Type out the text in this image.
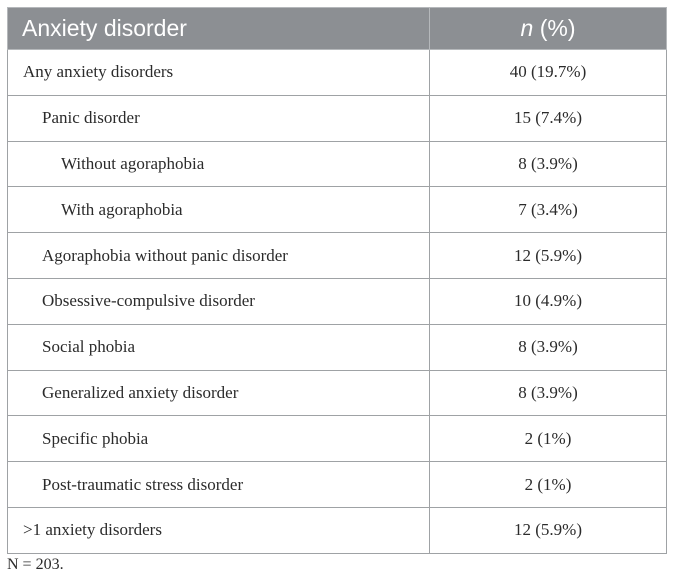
Anxiety disorder	n (%)
Any anxiety disorders	40 (19.7%)
Panic disorder	15 (7.4%)
Without agoraphobia	8 (3.9%)
With agoraphobia	7 (3.4%)
Agoraphobia without panic disorder	12 (5.9%)
Obsessive-compulsive disorder	10 (4.9%)
Social phobia	8 (3.9%)
Generalized anxiety disorder	8 (3.9%)
Specific phobia	2 (1%)
Post-traumatic stress disorder	2 (1%)
>1 anxiety disorders	12 (5.9%)
N = 203.
